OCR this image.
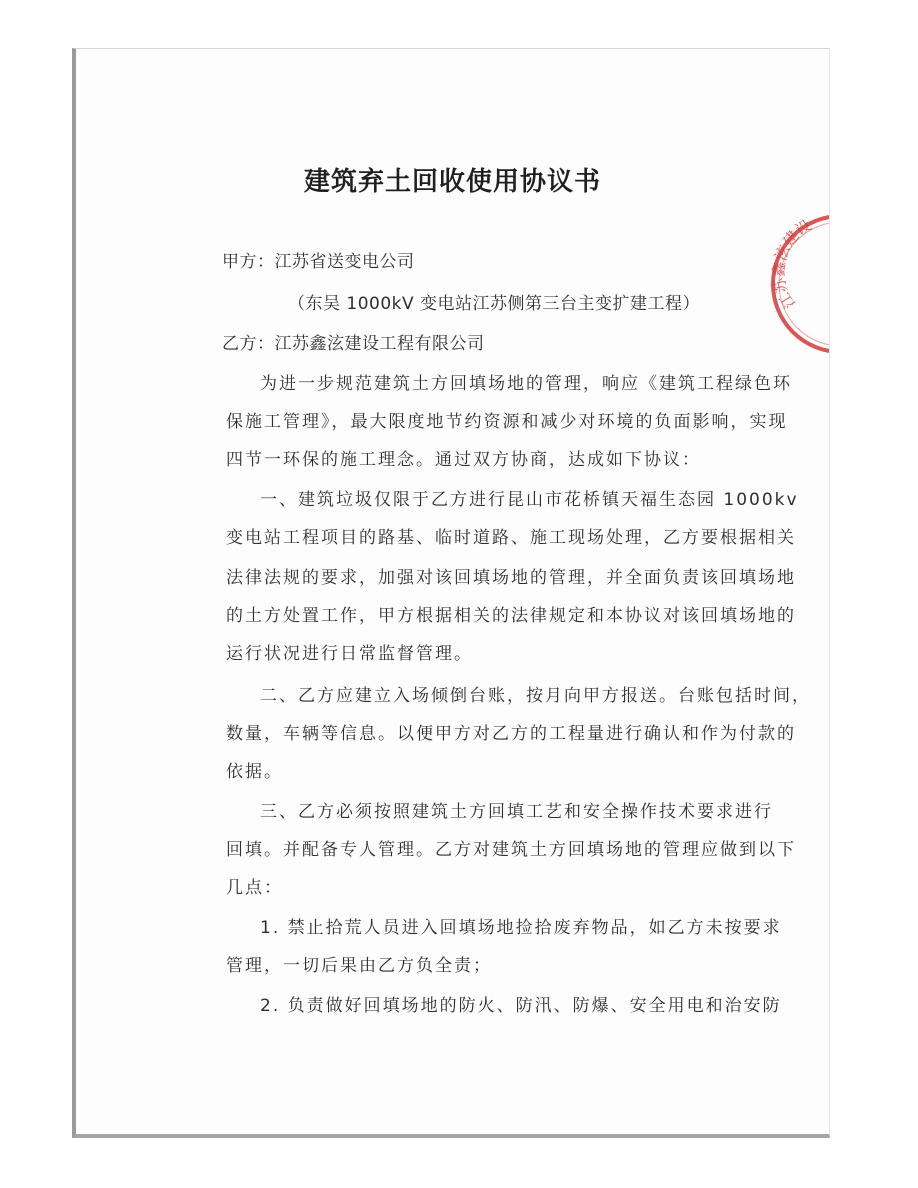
建筑弃土回收使用协议书
甲方：江苏省送变电公司
（东吴 1000kV 变电站江苏侧第三台主变扩建工程）
乙方：江苏鑫泫建设工程有限公司
为进一步规范建筑土方回填场地的管理，响应《建筑工程绿色环
保施工管理》，最大限度地节约资源和减少对环境的负面影响，实现
四节一环保的施工理念。通过双方协商，达成如下协议：
一、建筑垃圾仅限于乙方进行昆山市花桥镇天福生态园 1000kv
变电站工程项目的路基、临时道路、施工现场处理，乙方要根据相关
法律法规的要求，加强对该回填场地的管理，并全面负责该回填场地
的土方处置工作，甲方根据相关的法律规定和本协议对该回填场地的
运行状况进行日常监督管理。
二、乙方应建立入场倾倒台账，按月向甲方报送。台账包括时间，
数量，车辆等信息。以便甲方对乙方的工程量进行确认和作为付款的
依据。
三、乙方必须按照建筑土方回填工艺和安全操作技术要求进行
回填。并配备专人管理。乙方对建筑土方回填场地的管理应做到以下
几点：
1. 禁止拾荒人员进入回填场地捡拾废弃物品，如乙方未按要求
管理，一切后果由乙方负全责；
2. 负责做好回填场地的防火、防汛、防爆、安全用电和治安防
江苏鑫泫建设
